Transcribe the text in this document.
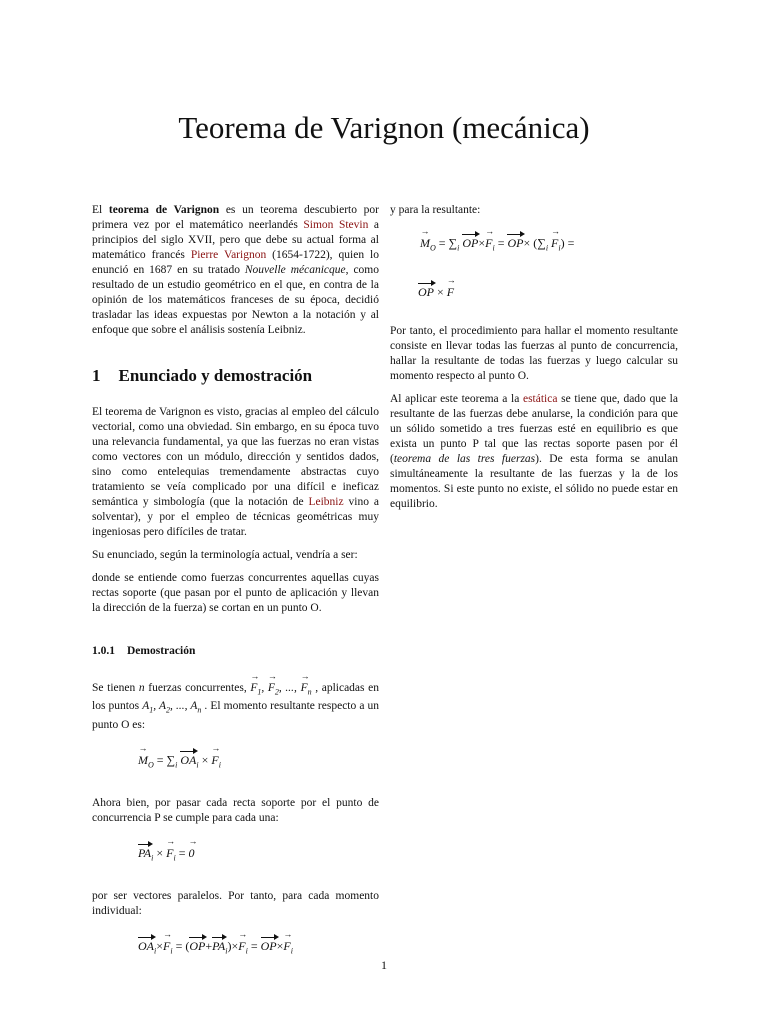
Teorema de Varignon (mecánica)

El teorema de Varignon es un teorema descubierto por primera vez por el matemático neerlandés Simon Stevin a principios del siglo XVII, pero que debe su actual forma al matemático francés Pierre Varignon (1654-1722), quien lo enunció en 1687 en su tratado Nouvelle mécanicque, como resultado de un estudio geométrico en el que, en contra de la opinión de los matemáticos franceses de su época, decidió trasladar las ideas expuestas por Newton a la notación y al enfoque que sobre el análisis sostenía Leibniz.

1 Enunciado y demostración

El teorema de Varignon es visto, gracias al empleo del cálculo vectorial, como una obviedad. Sin embargo, en su época tuvo una relevancia fundamental, ya que las fuerzas no eran vistas como vectores con un módulo, dirección y sentidos dados, sino como entelequias tremendamente abstractas cuyo tratamiento se veía complicado por una difícil e ineficaz semántica y simbología (que la notación de Leibniz vino a solventar), y por el empleo de técnicas geométricas muy ingeniosas pero difíciles de tratar.

Su enunciado, según la terminología actual, vendría a ser:

donde se entiende como fuerzas concurrentes aquellas cuyas rectas soporte (que pasan por el punto de aplicación y llevan la dirección de la fuerza) se cortan en un punto O.

1.0.1 Demostración

Se tienen n fuerzas concurrentes, → $F_1$, → $F_2$, ..., → $F_n$ , aplicadas en los puntos $A_1$, $A_2$, ..., $A_n$ . El momento resultante respecto a un punto O es:

→ $M_O = \sum_i$ $OA_i$ × → $F_i$

Ahora bien, por pasar cada recta soporte por el punto de concurrencia P se cumple para cada una:

$PA_i$ × → $F_i$ = → 0

por ser vectores paralelos. Por tanto, para cada momento individual:

$OA_i\times\to F_i = (OP+PA_i)\times\to F_i = OP\times\to F_i$

y para la resultante:

→ $M_O = \sum_i$ $OP\times\to F_i = OP\times (\sum_i \to F_i)$ =
OP × → F

Por tanto, el procedimiento para hallar el momento resultante consiste en llevar todas las fuerzas al punto de concurrencia, hallar la resultante de todas las fuerzas y luego calcular su momento respecto al punto O.

Al aplicar este teorema a la estática se tiene que, dado que la resultante de las fuerzas debe anularse, la condición para que un sólido sometido a tres fuerzas esté en equilibrio es que exista un punto P tal que las rectas soporte pasen por él (teorema de las tres fuerzas). De esta forma se anulan simultáneamente la resultante de las fuerzas y la de los momentos. Si este punto no existe, el sólido no puede estar en equilibrio.

1
